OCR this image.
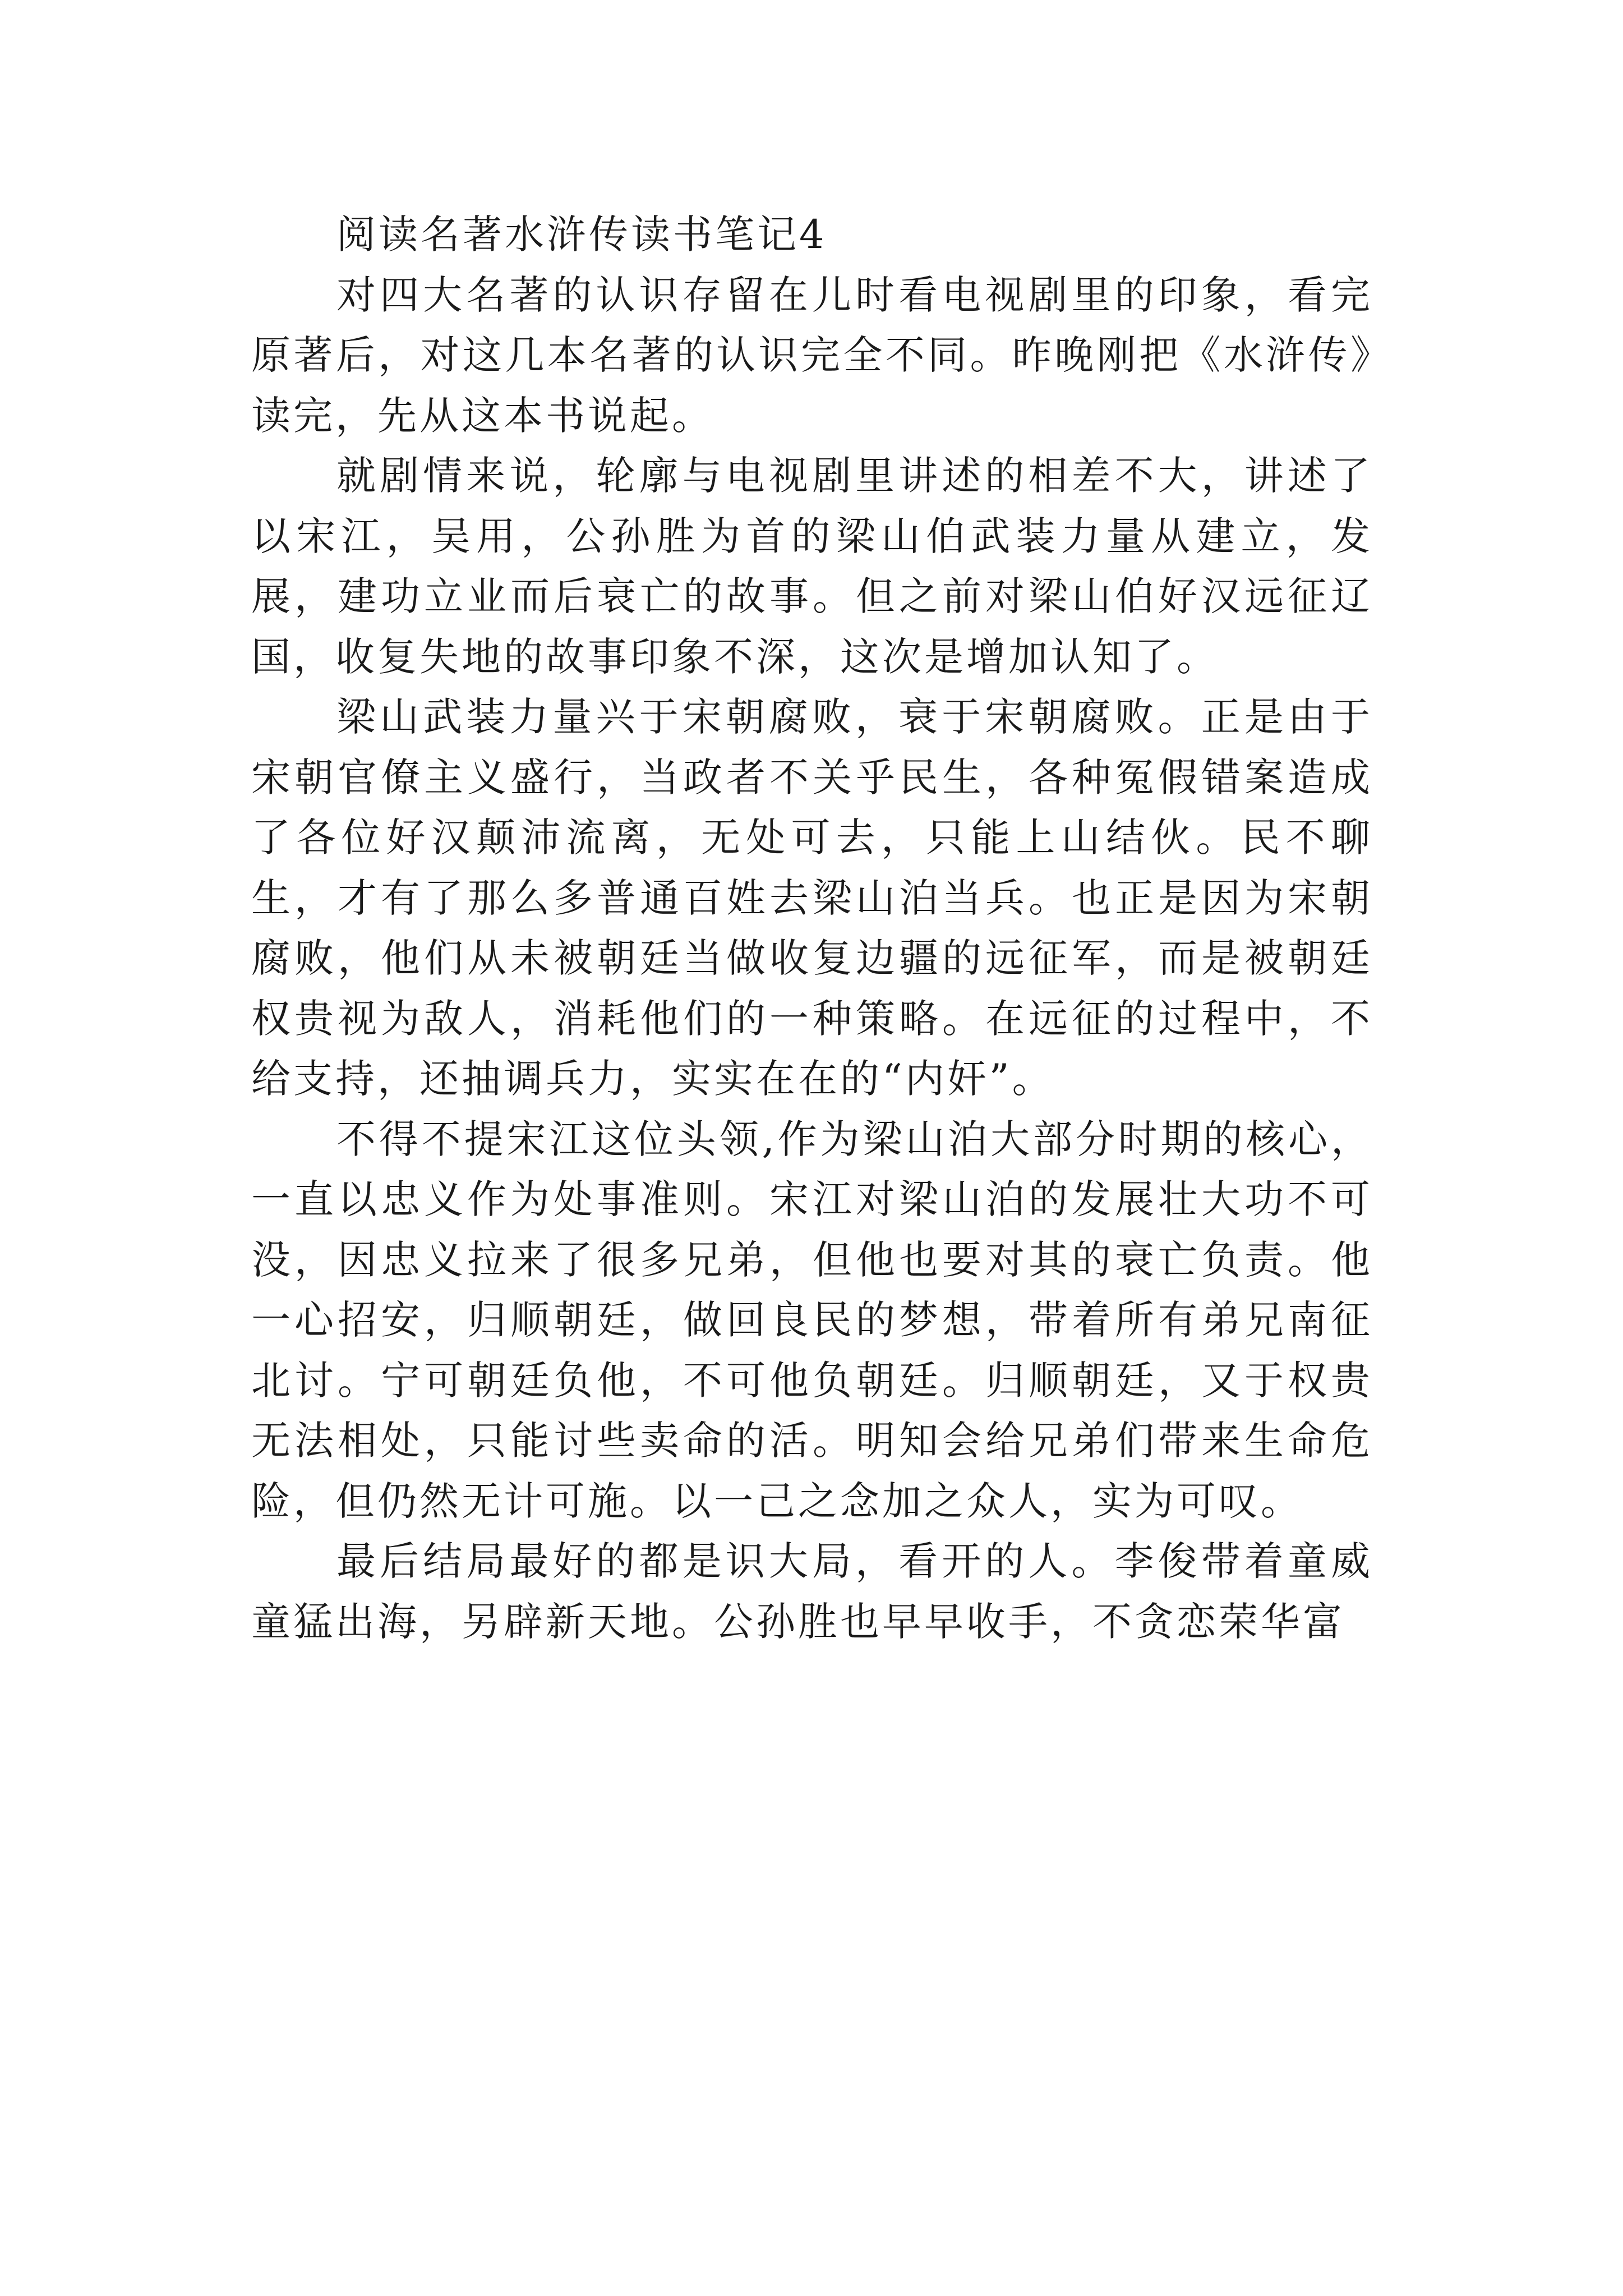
阅读名著水浒传读书笔记4

对四大名著的认识存留在儿时看电视剧里的印象，看完原著后，对这几本名著的认识完全不同。昨晚刚把《水浒传》读完，先从这本书说起。

就剧情来说，轮廓与电视剧里讲述的相差不大，讲述了以宋江，吴用，公孙胜为首的梁山伯武装力量从建立，发展，建功立业而后衰亡的故事。但之前对梁山伯好汉远征辽国，收复失地的故事印象不深，这次是增加认知了。

梁山武装力量兴于宋朝腐败，衰于宋朝腐败。正是由于宋朝官僚主义盛行，当政者不关乎民生，各种冤假错案造成了各位好汉颠沛流离，无处可去，只能上山结伙。民不聊生，才有了那么多普通百姓去梁山泊当兵。也正是因为宋朝腐败，他们从未被朝廷当做收复边疆的远征军，而是被朝廷权贵视为敌人，消耗他们的一种策略。在远征的过程中，不给支持，还抽调兵力，实实在在的“内奸”。

不得不提宋江这位头领,作为梁山泊大部分时期的核心，一直以忠义作为处事准则。宋江对梁山泊的发展壮大功不可没，因忠义拉来了很多兄弟，但他也要对其的衰亡负责。他一心招安，归顺朝廷，做回良民的梦想，带着所有弟兄南征北讨。宁可朝廷负他，不可他负朝廷。归顺朝廷，又于权贵无法相处，只能讨些卖命的活。明知会给兄弟们带来生命危险，但仍然无计可施。以一己之念加之众人，实为可叹。

最后结局最好的都是识大局，看开的人。李俊带着童威童猛出海，另辟新天地。公孙胜也早早收手，不贪恋荣华富
